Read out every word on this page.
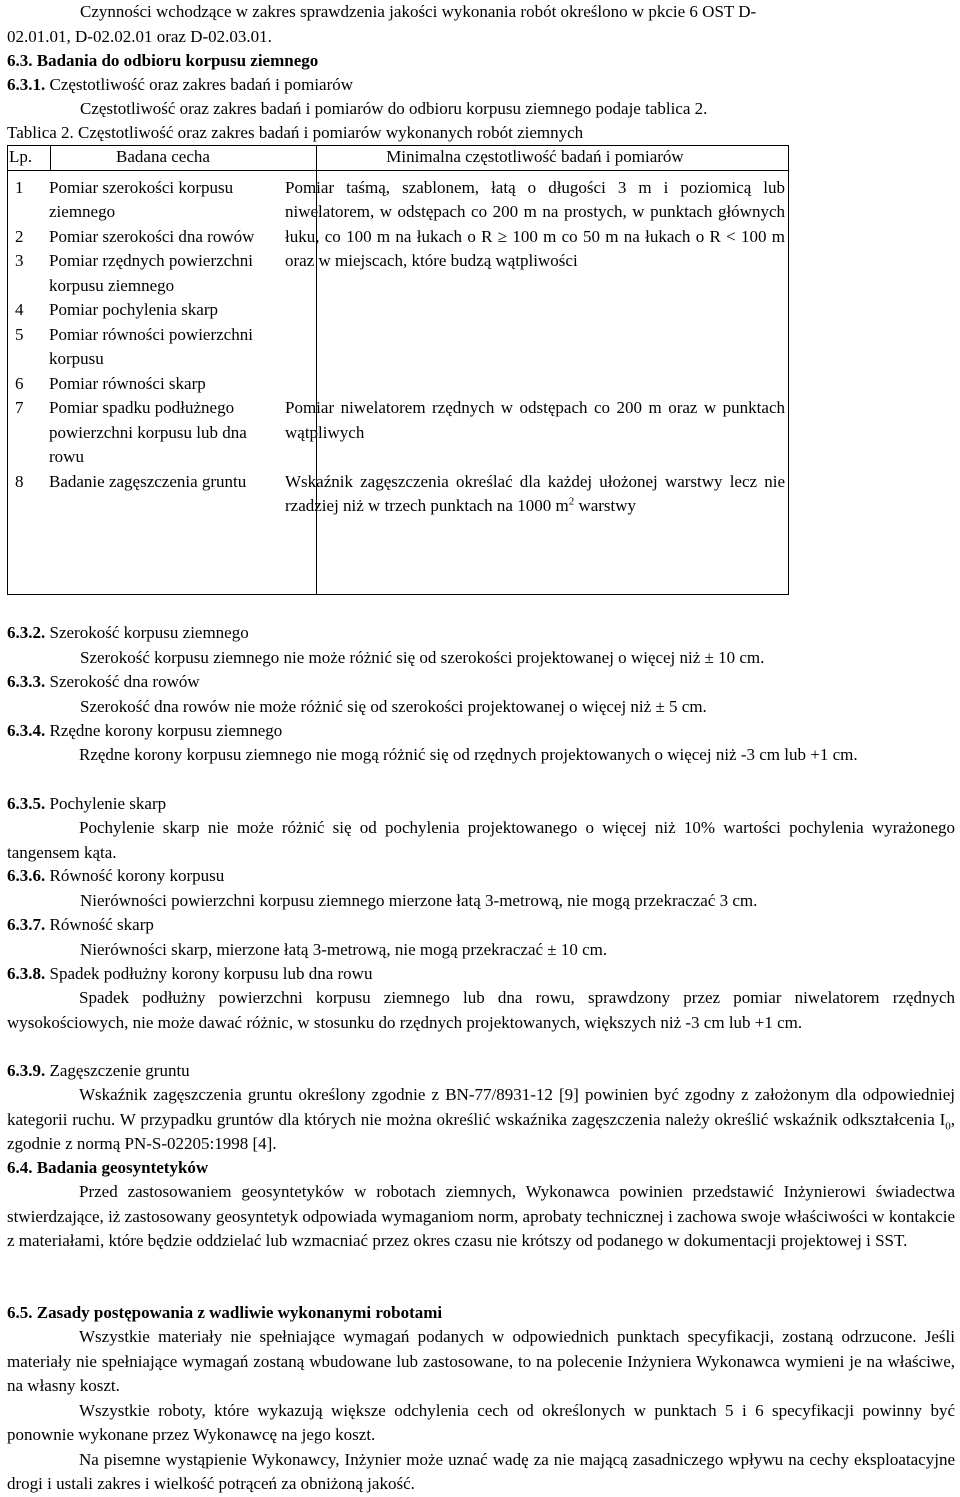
Czynności wchodzące w zakres sprawdzenia jakości wykonania robót określono w pkcie 6 OST D-
02.01.01, D-02.02.01 oraz D-02.03.01.
6.3. Badania do odbioru korpusu ziemnego
6.3.1. Częstotliwość oraz zakres badań i pomiarów
Częstotliwość oraz zakres badań i pomiarów do odbioru korpusu ziemnego podaje tablica 2.
Tablica 2. Częstotliwość oraz zakres badań i pomiarów wykonanych robót ziemnych
Lp.	Badana cecha	Minimalna częstotliwość badań i pomiarów

1	Pomiar szerokości korpusu ziemnego	Pomiar taśmą, szablonem, łatą o długości 3 m i poziomicą lub niwelatorem, w odstępach co 200 m na prostych, w punktach głównych łuku, co 100 m na łukach o R ≥ 100 m co 50 m na łukach o R < 100 m oraz w miejscach, które budzą wątpliwości
2	Pomiar szerokości dna rowów	
3	Pomiar rzędnych powierzchni korpusu ziemnego	
4	Pomiar pochylenia skarp	
5	Pomiar równości powierzchni korpusu	
6	Pomiar równości skarp	
7	Pomiar spadku podłużnego powierzchni korpusu lub dna rowu	Pomiar niwelatorem rzędnych w odstępach co 200 m oraz w punktach wątpliwych
8	Badanie zagęszczenia gruntu	Wskaźnik zagęszczenia określać dla każdej ułożonej warstwy lecz nie rzadziej niż w trzech punktach na 1000 $m^2$ warstwy
6.3.2. Szerokość korpusu ziemnego
Szerokość korpusu ziemnego nie może różnić się od szerokości projektowanej o więcej niż ± 10 cm.
6.3.3. Szerokość dna rowów
Szerokość dna rowów nie może różnić się od szerokości projektowanej o więcej niż ± 5 cm.
6.3.4. Rzędne korony korpusu ziemnego

Rzędne korony korpusu ziemnego nie mogą różnić się od rzędnych projektowanych o więcej niż -3 cm lub +1 cm.

6.3.5. Pochylenie skarp

Pochylenie skarp nie może różnić się od pochylenia projektowanego o więcej niż 10% wartości pochylenia wyrażonego tangensem kąta.

6.3.6. Równość korony korpusu
Nierówności powierzchni korpusu ziemnego mierzone łatą 3-metrową, nie mogą przekraczać 3 cm.
6.3.7. Równość skarp
Nierówności skarp, mierzone łatą 3-metrową, nie mogą przekraczać ± 10 cm.
6.3.8. Spadek podłużny korony korpusu lub dna rowu

Spadek podłużny powierzchni korpusu ziemnego lub dna rowu, sprawdzony przez pomiar niwelatorem rzędnych wysokościowych, nie może dawać różnic, w stosunku do rzędnych projektowanych, większych niż -3 cm lub +1 cm.

6.3.9. Zagęszczenie gruntu

Wskaźnik zagęszczenia gruntu określony zgodnie z BN-77/8931-12 [9] powinien być zgodny z założonym dla odpowiedniej kategorii ruchu. W przypadku gruntów dla których nie można określić wskaźnika zagęszczenia należy określić wskaźnik odkształcenia $I_0$, zgodnie z normą PN-S-02205:1998 [4].

6.4. Badania geosyntetyków

Przed zastosowaniem geosyntetyków w robotach ziemnych, Wykonawca powinien przedstawić Inżynierowi świadectwa stwierdzające, iż zastosowany geosyntetyk odpowiada wymaganiom norm, aprobaty technicznej i zachowa swoje właściwości w kontakcie z materiałami, które będzie oddzielać lub wzmacniać przez okres czasu nie krótszy od podanego w dokumentacji projektowej i SST.

6.5. Zasady postępowania z wadliwie wykonanymi robotami

Wszystkie materiały nie spełniające wymagań podanych w odpowiednich punktach specyfikacji, zostaną odrzucone. Jeśli materiały nie spełniające wymagań zostaną wbudowane lub zastosowane, to na polecenie Inżyniera Wykonawca wymieni je na właściwe, na własny koszt.

Wszystkie roboty, które wykazują większe odchylenia cech od określonych w punktach 5 i 6 specyfikacji powinny być ponownie wykonane przez Wykonawcę na jego koszt.

Na pisemne wystąpienie Wykonawcy, Inżynier może uznać wadę za nie mającą zasadniczego wpływu na cechy eksploatacyjne drogi i ustali zakres i wielkość potrąceń za obniżoną jakość.
